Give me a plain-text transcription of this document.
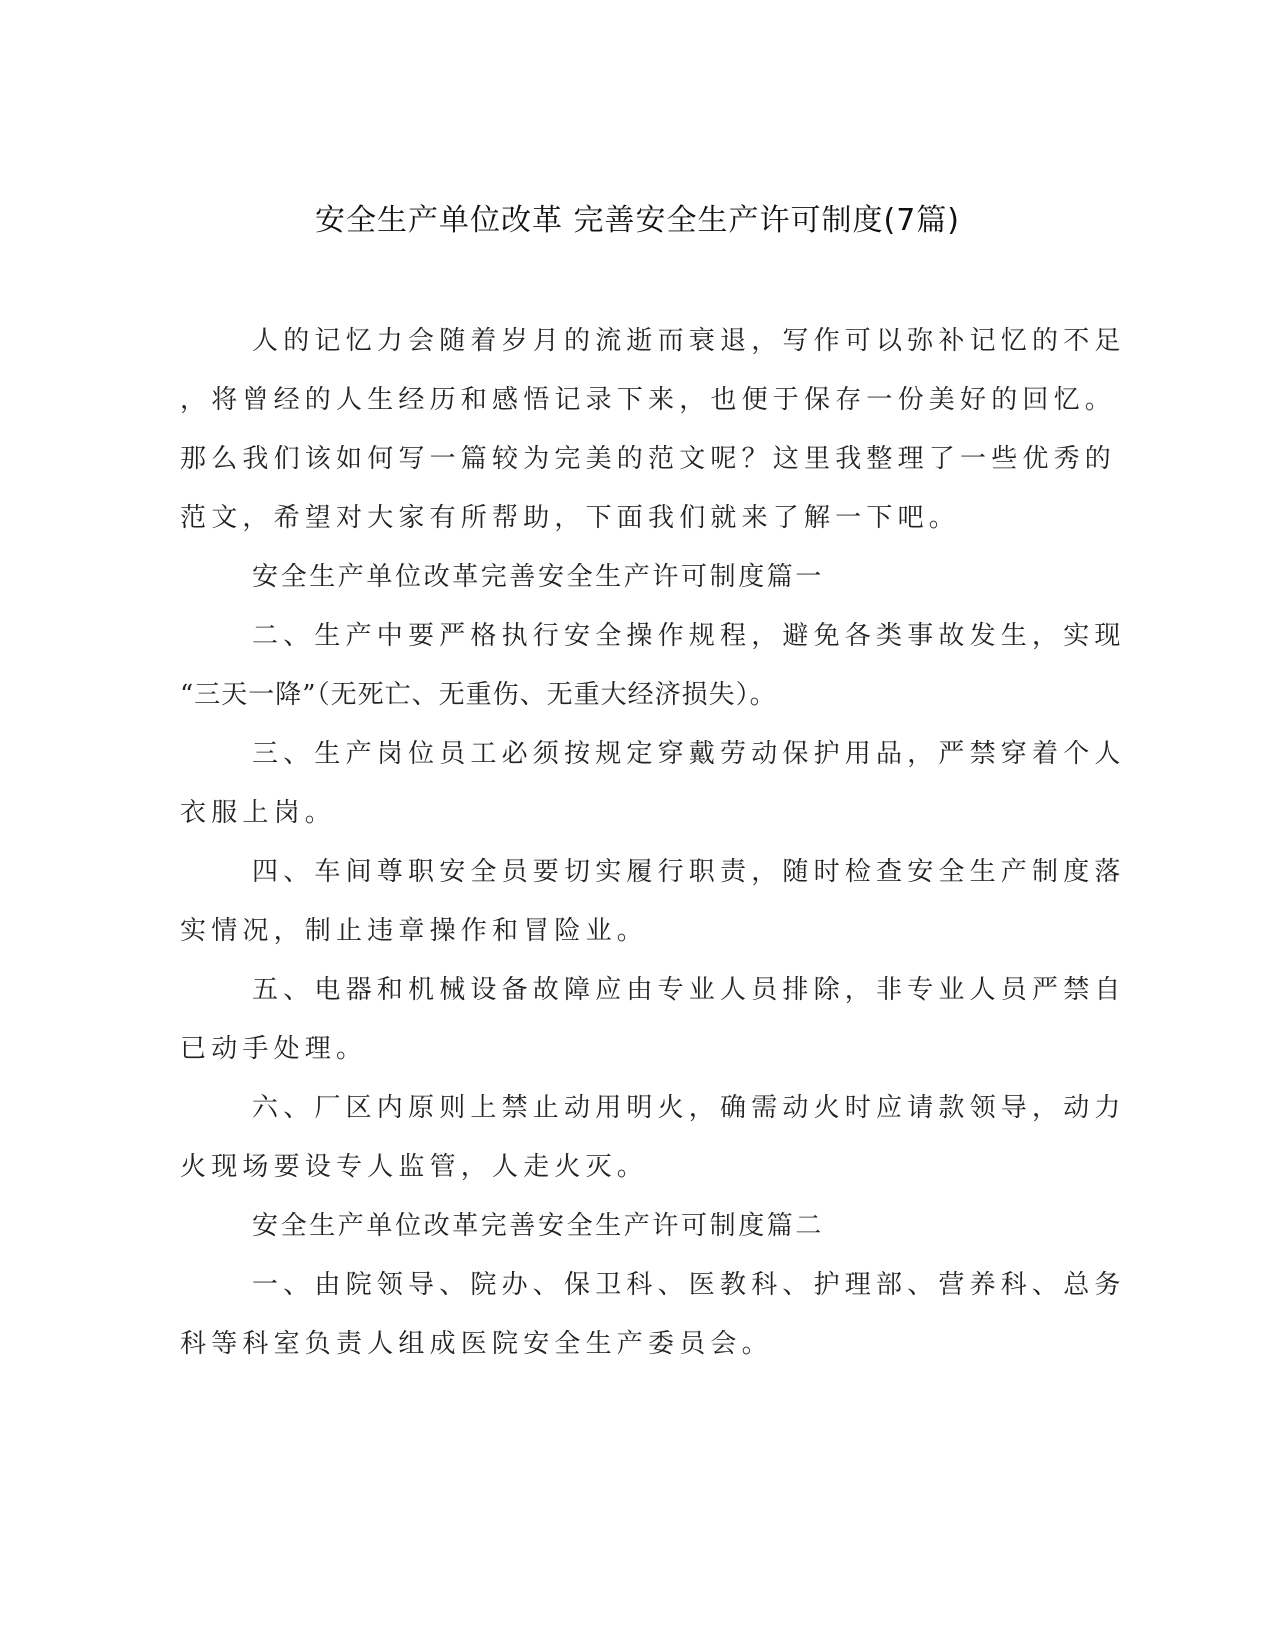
安全生产单位改革 完善安全生产许可制度(7篇)
人的记忆力会随着岁月的流逝而衰退，写作可以弥补记忆的不足
，将曾经的人生经历和感悟记录下来，也便于保存一份美好的回忆。
那么我们该如何写一篇较为完美的范文呢？这里我整理了一些优秀的
范文，希望对大家有所帮助，下面我们就来了解一下吧。
安全生产单位改革完善安全生产许可制度篇一
二、生产中要严格执行安全操作规程，避免各类事故发生，实现
“三天一降”（无死亡、无重伤、无重大经济损失）。
三、生产岗位员工必须按规定穿戴劳动保护用品，严禁穿着个人
衣服上岗。
四、车间尊职安全员要切实履行职责，随时检查安全生产制度落
实情况，制止违章操作和冒险业。
五、电器和机械设备故障应由专业人员排除，非专业人员严禁自
已动手处理。
六、厂区内原则上禁止动用明火，确需动火时应请款领导，动力
火现场要设专人监管，人走火灭。
安全生产单位改革完善安全生产许可制度篇二
一、由院领导、院办、保卫科、医教科、护理部、营养科、总务
科等科室负责人组成医院安全生产委员会。
